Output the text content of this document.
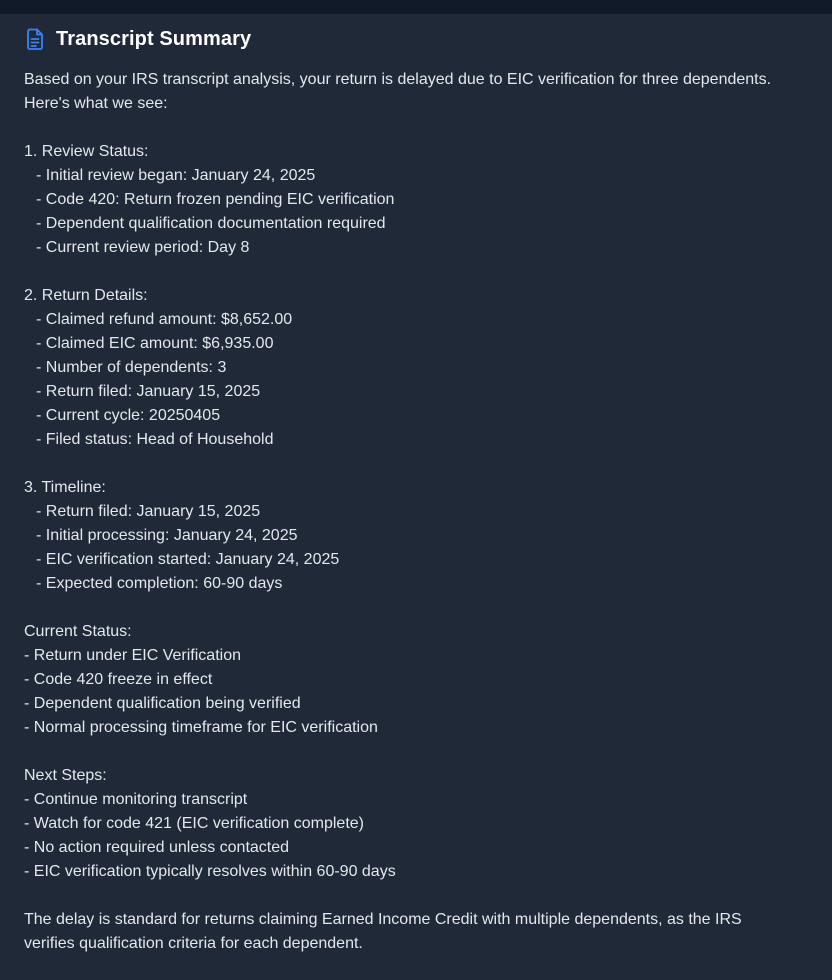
Transcript Summary
Based on your IRS transcript analysis, your return is delayed due to EIC verification for three dependents.
Here's what we see:
1. Review Status:
- Initial review began: January 24, 2025
- Code 420: Return frozen pending EIC verification
- Dependent qualification documentation required
- Current review period: Day 8
2. Return Details:
- Claimed refund amount: $8,652.00
- Claimed EIC amount: $6,935.00
- Number of dependents: 3
- Return filed: January 15, 2025
- Current cycle: 20250405
- Filed status: Head of Household
3. Timeline:
- Return filed: January 15, 2025
- Initial processing: January 24, 2025
- EIC verification started: January 24, 2025
- Expected completion: 60-90 days
Current Status:
- Return under EIC Verification
- Code 420 freeze in effect
- Dependent qualification being verified
- Normal processing timeframe for EIC verification
Next Steps:
- Continue monitoring transcript
- Watch for code 421 (EIC verification complete)
- No action required unless contacted
- EIC verification typically resolves within 60-90 days
The delay is standard for returns claiming Earned Income Credit with multiple dependents, as the IRS
verifies qualification criteria for each dependent.
